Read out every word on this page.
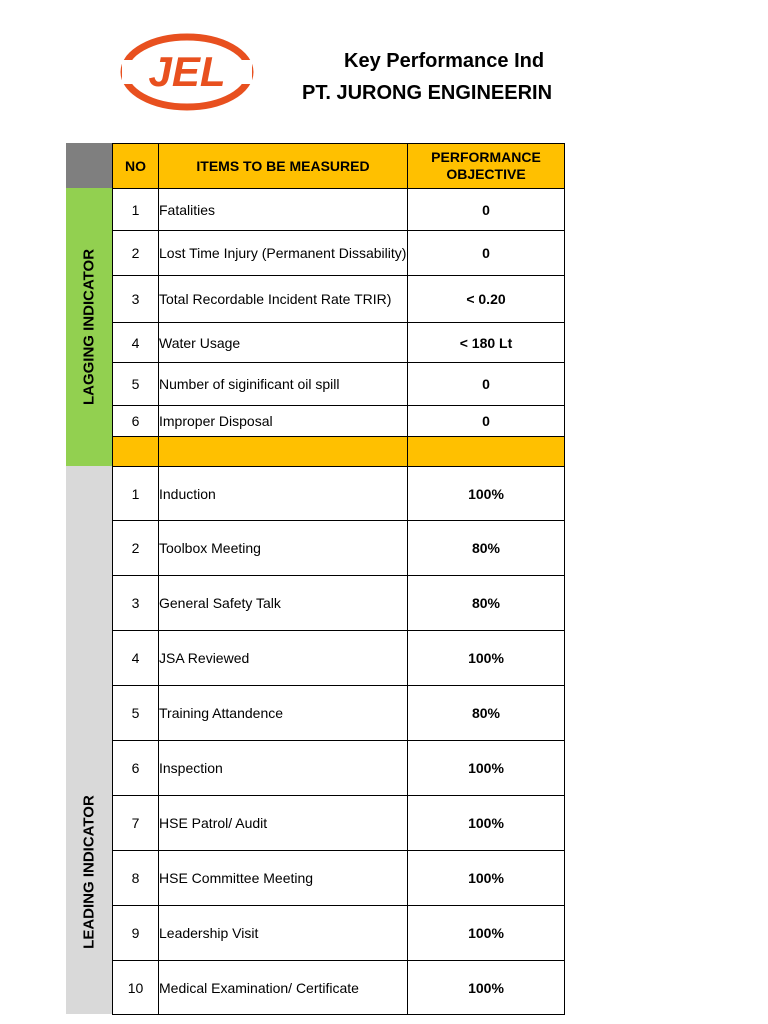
JEL	Key Performance Ind
PT. JURONG ENGINEERIN
LAGGING INDICATOR
LEADING INDICATOR
NO	ITEMS TO BE MEASURED	PERFORMANCE OBJECTIVE
1	Fatalities	0
2	Lost Time Injury (Permanent Dissability)	0
3	Total Recordable Incident Rate TRIR)	< 0.20
4	Water Usage	< 180 Lt
5	Number of siginificant oil spill	0
6	Improper Disposal	0

1	Induction	100%
2	Toolbox Meeting	80%
3	General Safety Talk	80%
4	JSA Reviewed	100%
5	Training Attandence	80%
6	Inspection	100%
7	HSE Patrol/ Audit	100%
8	HSE Committee Meeting	100%
9	Leadership Visit	100%
10	Medical Examination/ Certificate	100%
